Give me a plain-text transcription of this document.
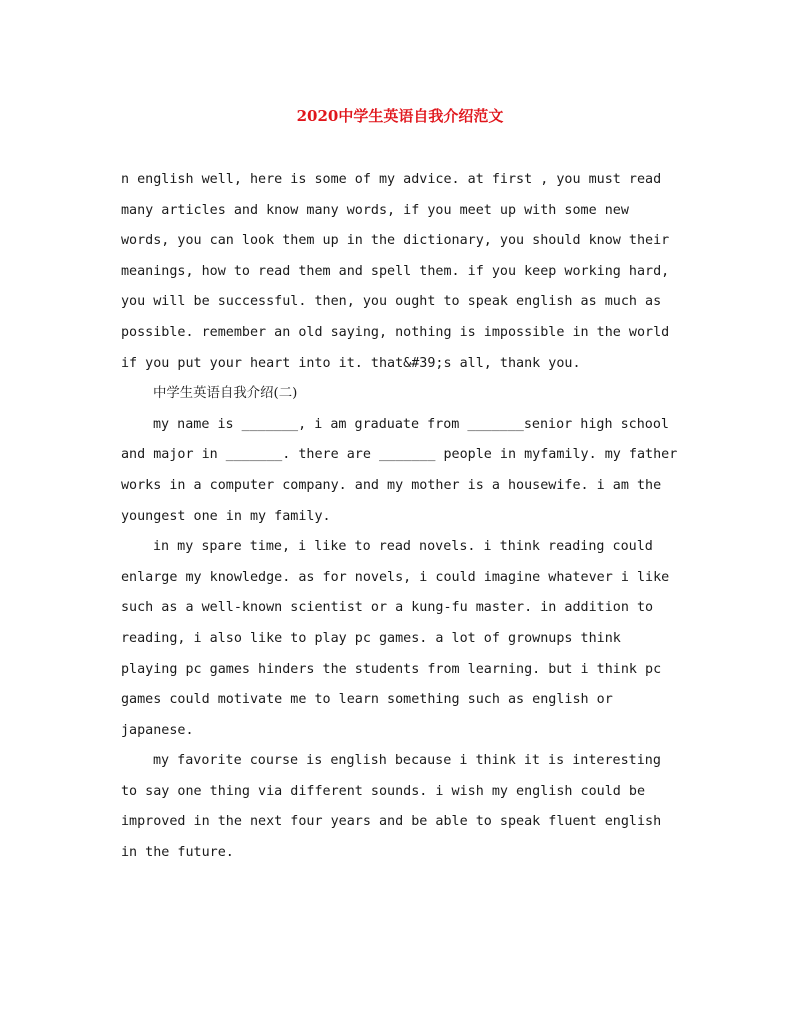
2020中学生英语自我介绍范文

n english well, here is some of my advice. at first , you must read many articles and know many words, if you meet up with some new words, you can look them up in the dictionary, you should know their meanings, how to read them and spell them. if you keep working hard, you will be successful. then, you ought to speak english as much as possible. remember an old saying, nothing is impossible in the world if you put your heart into it. that&#39;s all, thank you.

中学生英语自我介绍(二)

my name is _______, i am graduate from _______senior high school and major in _______. there are _______ people in myfamily. my father works in a computer company. and my mother is a housewife. i am the youngest one in my family.

in my spare time, i like to read novels. i think reading could enlarge my knowledge. as for novels, i could imagine whatever i like such as a well-known scientist or a kung-fu master. in addition to reading, i also like to play pc games. a lot of grownups think playing pc games hinders the students from learning. but i think pc games could motivate me to learn something such as english or japanese.

my favorite course is english because i think it is interesting to say one thing via different sounds. i wish my english could be improved in the next four years and be able to speak fluent english in the future.
